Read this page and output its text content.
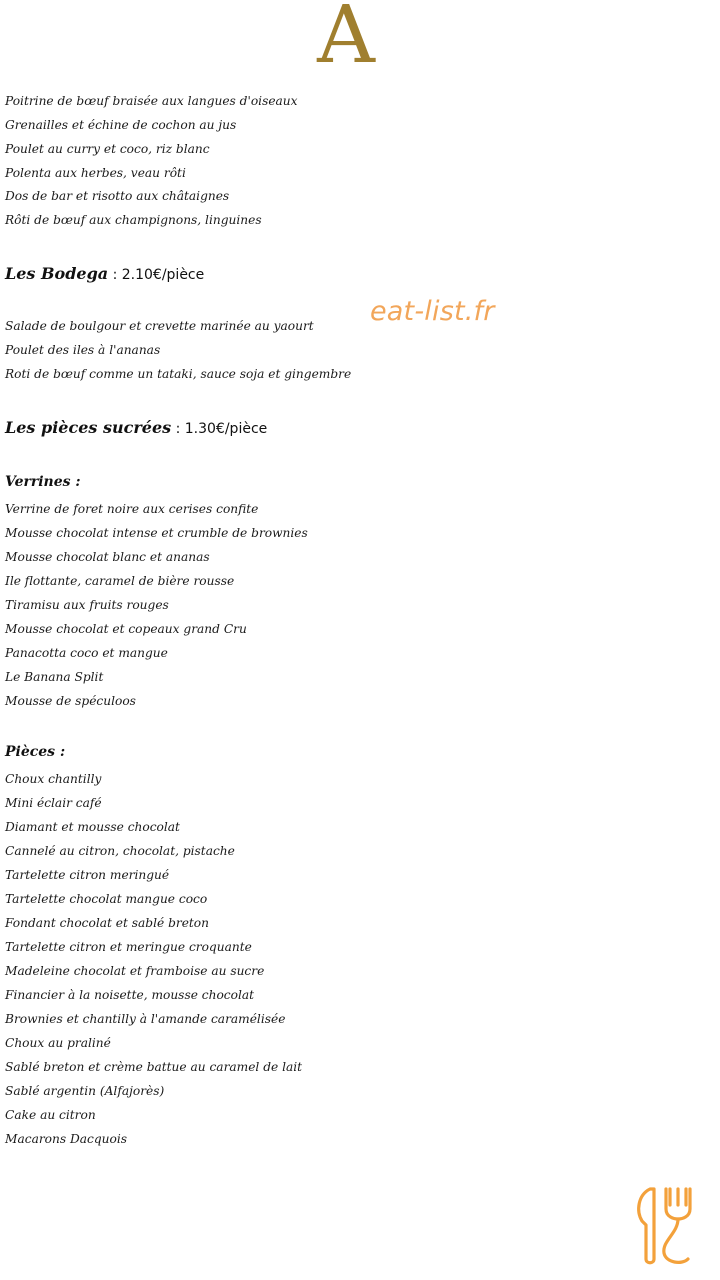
A
Poitrine de bœuf braisée aux langues d'oiseaux
Grenailles et échine de cochon au jus
Poulet au curry et coco, riz blanc
Polenta aux herbes, veau rôti
Dos de bar et risotto aux châtaignes
Rôti de bœuf aux champignons, linguines
Les Bodega : 2.10€/pièce
eat-list.fr
Salade de boulgour et crevette marinée au yaourt
Poulet des iles à l'ananas
Roti de bœuf comme un tataki, sauce soja et gingembre
Les pièces sucrées : 1.30€/pièce
Verrines :
Verrine de foret noire aux cerises confite
Mousse chocolat intense et crumble de brownies
Mousse chocolat blanc et ananas
Ile flottante, caramel de bière rousse
Tiramisu aux fruits rouges
Mousse chocolat et copeaux grand Cru
Panacotta coco et mangue
Le Banana Split
Mousse de spéculoos
Pièces :
Choux chantilly
Mini éclair café
Diamant et mousse chocolat
Cannelé au citron, chocolat, pistache
Tartelette citron meringué
Tartelette chocolat mangue coco
Fondant chocolat et sablé breton
Tartelette citron et meringue croquante
Madeleine chocolat et framboise au sucre
Financier à la noisette, mousse chocolat
Brownies et chantilly à l'amande caramélisée
Choux au praliné
Sablé breton et crème battue au caramel de lait
Sablé argentin (Alfajorès)
Cake au citron
Macarons Dacquois
